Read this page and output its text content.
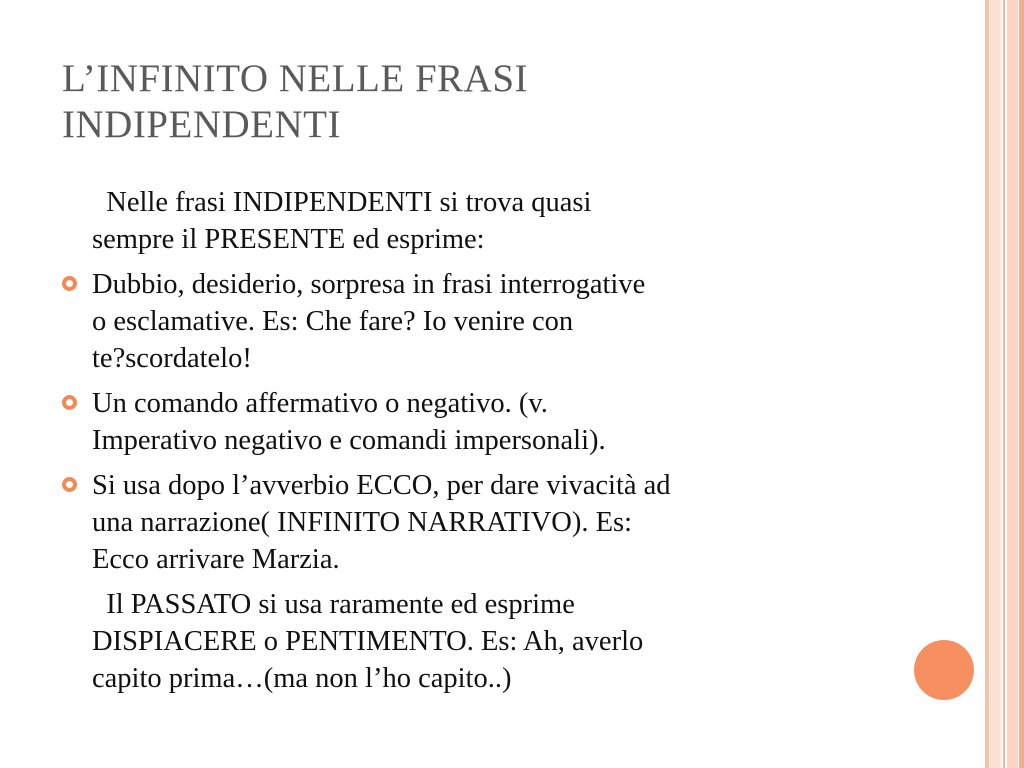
L’INFINITO NELLE FRASI
INDIPENDENTI
Nelle frasi INDIPENDENTI si trova quasi
sempre il PRESENTE ed esprime:
Dubbio, desiderio, sorpresa in frasi interrogative
o esclamative. Es: Che fare? Io venire con
te?scordatelo!
Un comando affermativo o negativo. (v.
Imperativo negativo e comandi impersonali).
Si usa dopo l’avverbio ECCO, per dare vivacità ad
una narrazione( INFINITO NARRATIVO). Es:
Ecco arrivare Marzia.
Il PASSATO si usa raramente ed esprime
DISPIACERE o PENTIMENTO. Es: Ah, averlo
capito prima…(ma non l’ho capito..)
